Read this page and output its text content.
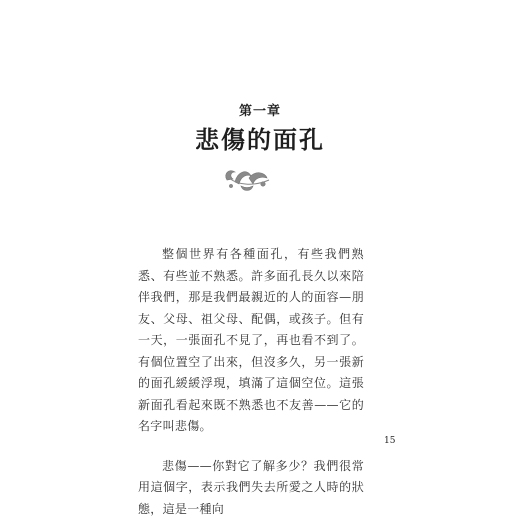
第一章
悲傷的面孔

整個世界有各種面孔，有些我們熟悉、有些並不熟悉。許多面孔長久以來陪伴我們，那是我們最親近的人的面容—朋友、父母、祖父母、配偶，或孩子。但有一天，一張面孔不見了，再也看不到了。有個位置空了出來，但沒多久，另一張新的面孔緩緩浮現，填滿了這個空位。這張新面孔看起來既不熟悉也不友善——它的名字叫悲傷。

悲傷——你對它了解多少？我們很常用這個字，表示我們失去所愛之人時的狀態，這是一種向

15
